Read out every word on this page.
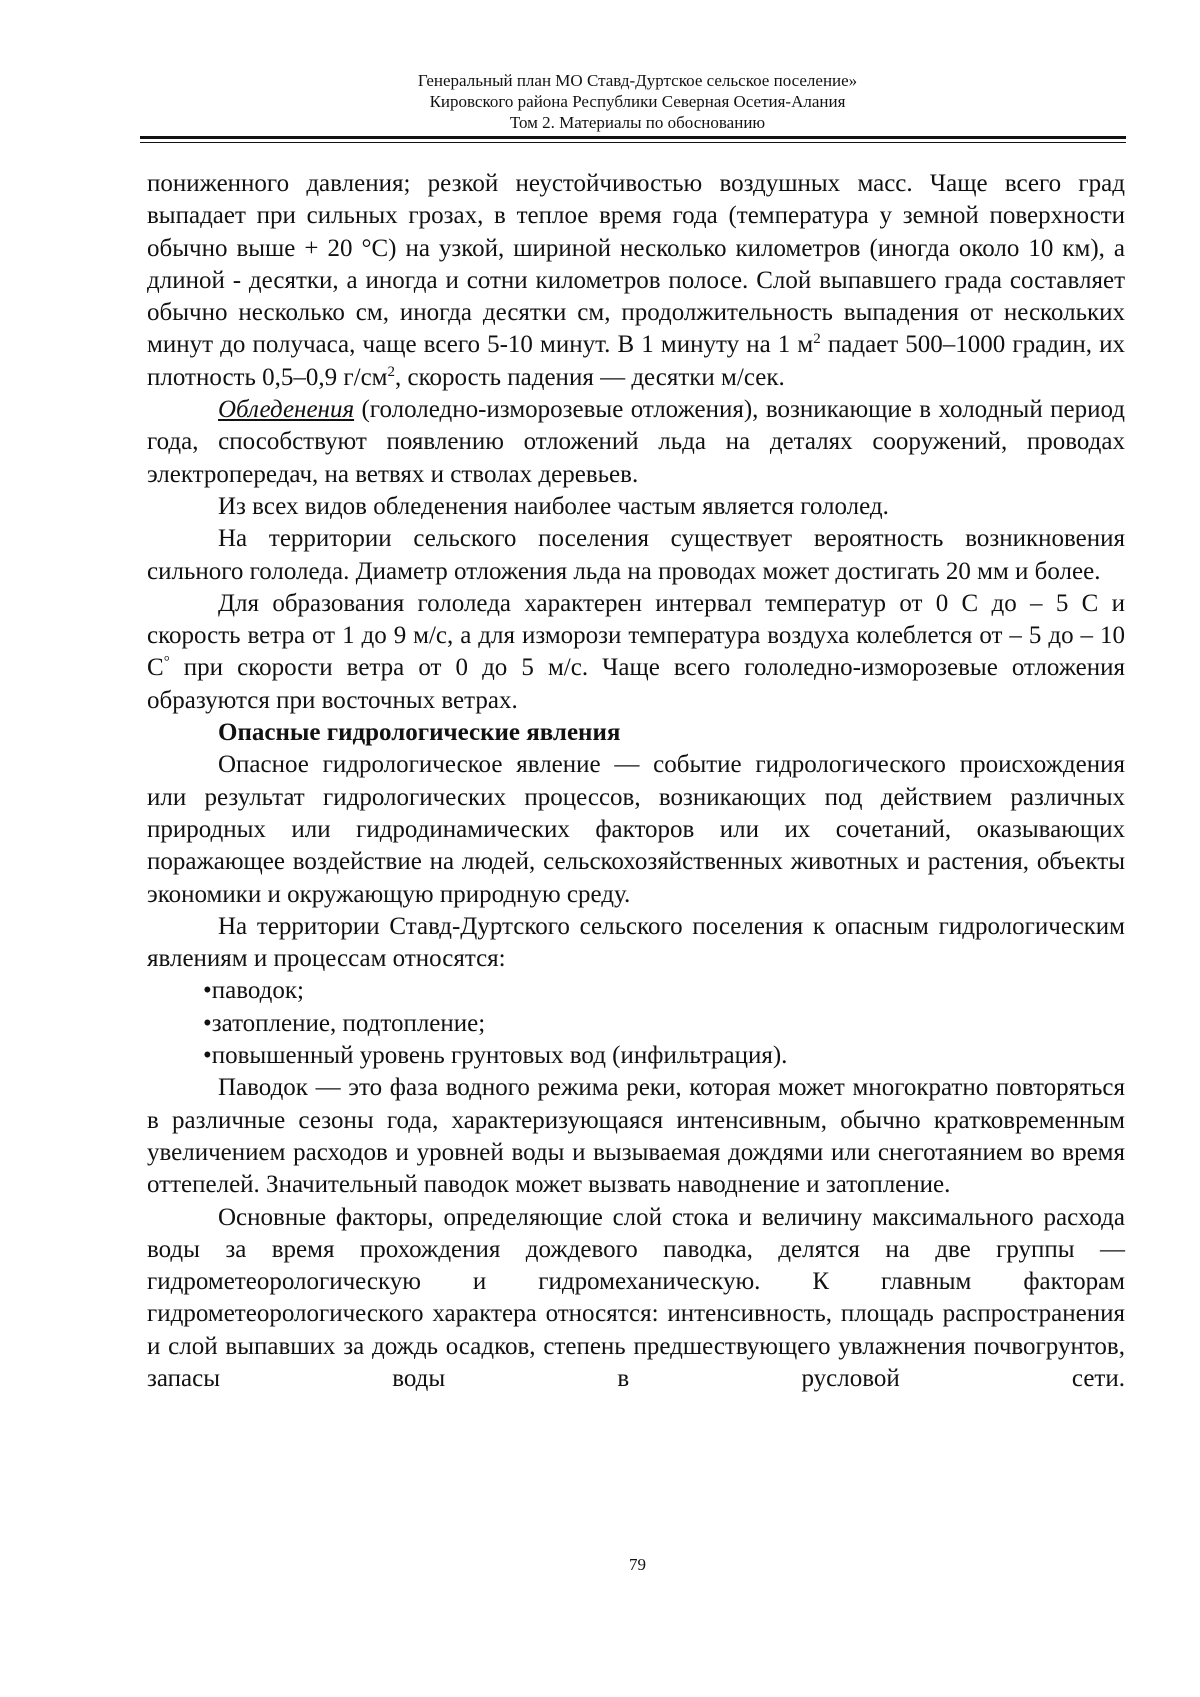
Генеральный план МО Ставд-Дуртское сельское поселение»
Кировского района Республики Северная Осетия-Алания
Том 2. Материалы по обоснованию

пониженного давления; резкой неустойчивостью воздушных масс. Чаще всего град выпадает при сильных грозах, в теплое время года (температура у земной поверхности обычно выше + 20 °С) на узкой, шириной несколько километров (иногда около 10 км), а длиной - десятки, а иногда и сотни километров полосе. Слой выпавшего града составляет обычно несколько см, иногда десятки см, продолжительность выпадения от нескольких минут до получаса, чаще всего 5-10 минут. В 1 минуту на 1 $м^2$ падает 500–1000 градин, их плотность 0,5–0,9 $г/см^2$, скорость падения — десятки м/сек.

Обледенения (гололедно-изморозевые отложения), возникающие в холодный период года, способствуют появлению отложений льда на деталях сооружений, проводах электропередач, на ветвях и стволах деревьев.

Из всех видов обледенения наиболее частым является гололед.

На территории сельского поселения существует вероятность возникновения сильного гололеда. Диаметр отложения льда на проводах может достигать 20 мм и более.

Для образования гололеда характерен интервал температур от 0 С до – 5 С и скорость ветра от 1 до 9 м/с, а для изморози температура воздуха колеблется от – 5 до – 10 С° при скорости ветра от 0 до 5 м/с. Чаще всего гололедно-изморозевые отложения образуются при восточных ветрах.

Опасные гидрологические явления

Опасное гидрологическое явление — событие гидрологического происхождения или результат гидрологических процессов, возникающих под действием различных природных или гидродинамических факторов или их сочетаний, оказывающих поражающее воздействие на людей, сельскохозяйственных животных и растения, объекты экономики и окружающую природную среду.

На территории Ставд-Дуртского сельского поселения к опасным гидрологическим явлениям и процессам относятся:

•паводок;

•затопление, подтопление;

•повышенный уровень грунтовых вод (инфильтрация).

Паводок — это фаза водного режима реки, которая может многократно повторяться в различные сезоны года, характеризующаяся интенсивным, обычно кратковременным увеличением расходов и уровней воды и вызываемая дождями или снеготаянием во время оттепелей. Значительный паводок может вызвать наводнение и затопление.

Основные факторы, определяющие слой стока и величину максимального расхода воды за время прохождения дождевого паводка, делятся на две группы — гидрометеорологическую и гидромеханическую. К главным факторам гидрометеорологического характера относятся: интенсивность, площадь распространения и слой выпавших за дождь осадков, степень предшествующего увлажнения почвогрунтов, запасы воды в русловой сети.

79
